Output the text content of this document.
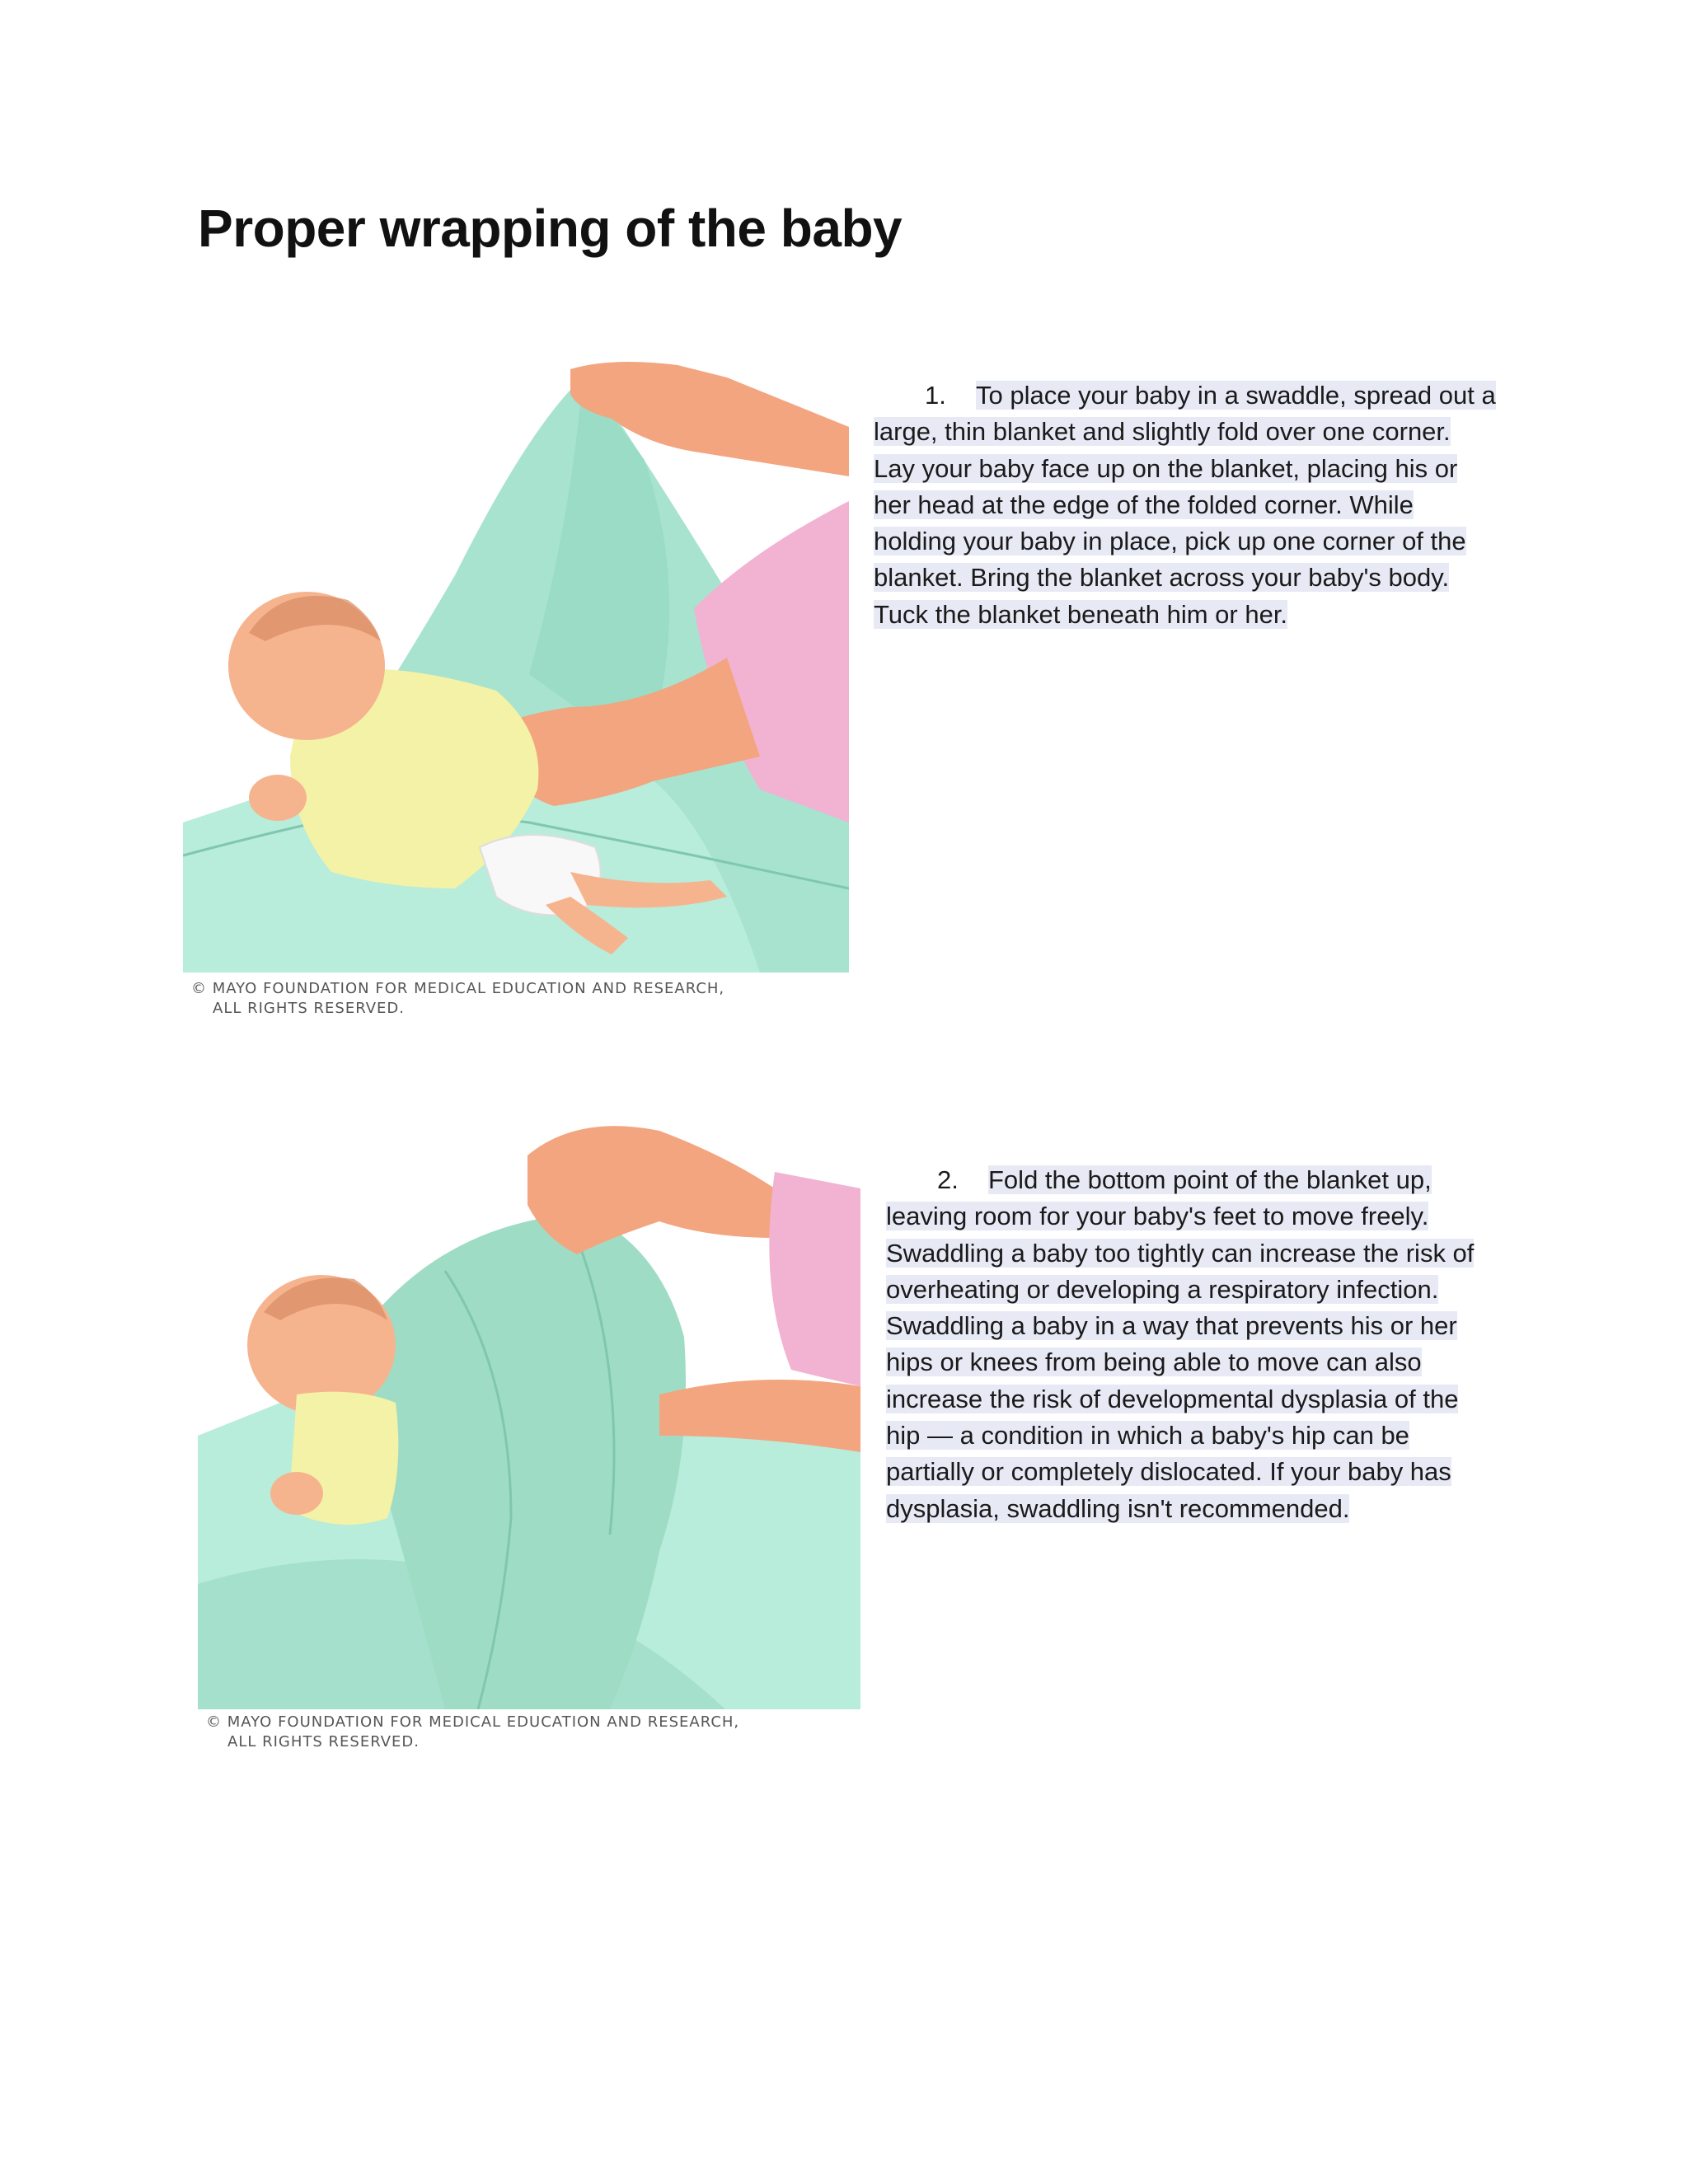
Proper wrapping of the baby
© MAYO FOUNDATION FOR MEDICAL EDUCATION AND RESEARCH,
ALL RIGHTS RESERVED.
1. To place your baby in a swaddle, spread out a large, thin blanket and slightly fold over one corner. Lay your baby face up on the blanket, placing his or her head at the edge of the folded corner. While holding your baby in place, pick up one corner of the blanket. Bring the blanket across your baby's body. Tuck the blanket beneath him or her.
© MAYO FOUNDATION FOR MEDICAL EDUCATION AND RESEARCH,
ALL RIGHTS RESERVED.
2. Fold the bottom point of the blanket up, leaving room for your baby's feet to move freely. Swaddling a baby too tightly can increase the risk of overheating or developing a respiratory infection. Swaddling a baby in a way that prevents his or her hips or knees from being able to move can also increase the risk of developmental dysplasia of the hip — a condition in which a baby's hip can be partially or completely dislocated. If your baby has dysplasia, swaddling isn't recommended.
